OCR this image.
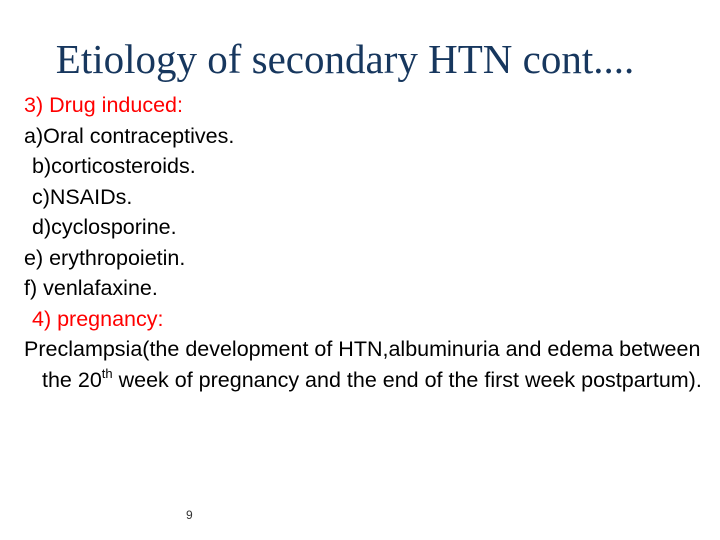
Etiology of secondary HTN cont....
3) Drug induced:
a)Oral contraceptives.
b)corticosteroids.
c)NSAIDs.
d)cyclosporine.
e) erythropoietin.
f) venlafaxine.
4) pregnancy:
Preclampsia(the development of HTN,albuminuria and edema between the 20th week of pregnancy and the end of the first week postpartum).
9
